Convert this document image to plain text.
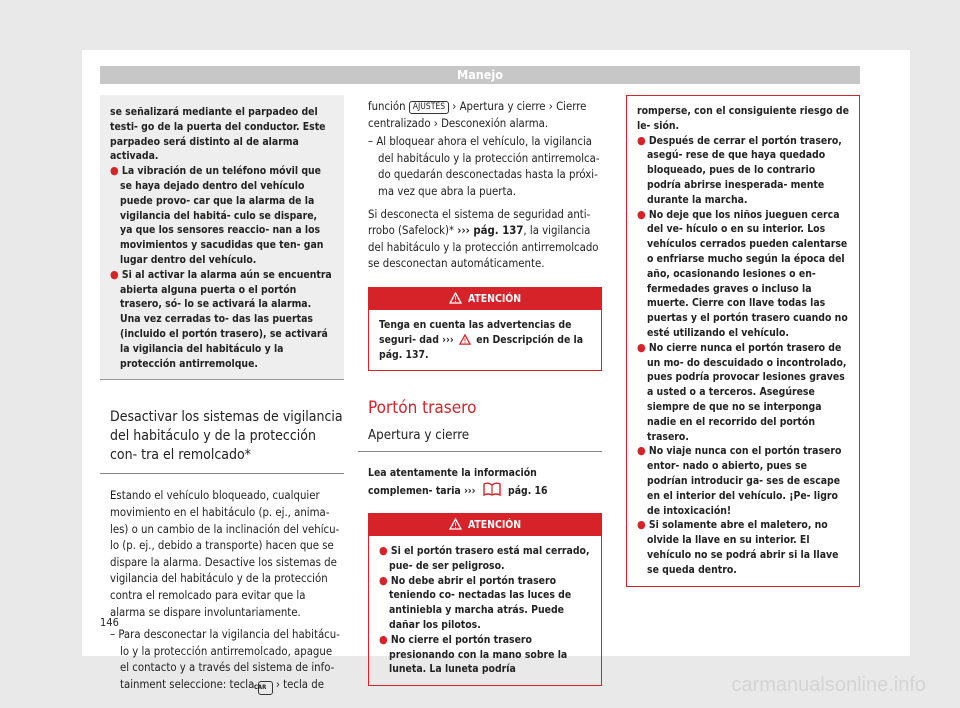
Manejo

se señalizará mediante el parpadeo del testi- go de la puerta del conductor. Este parpadeo será distinto al de alarma activada.

● La vibración de un teléfono móvil que se haya dejado dentro del vehículo puede provo- car que la alarma de la vigilancia del habitá- culo se dispare, ya que los sensores reaccio- nan a los movimientos y sacudidas que ten- gan lugar dentro del vehículo.
● Si al activar la alarma aún se encuentra abierta alguna puerta o el portón trasero, só- lo se activará la alarma. Una vez cerradas to- das las puertas (incluido el portón trasero), se activará la vigilancia del habitáculo y la protección antirremolque.
Desactivar los sistemas de vigilancia del habitáculo y de la protección con- tra el remolcado*

Estando el vehículo bloqueado, cualquier movimiento en el habitáculo (p. ej., anima- les) o un cambio de la inclinación del vehícu- lo (p. ej., debido a transporte) hacen que se dispare la alarma. Desactive los sistemas de vigilancia del habitáculo y de la protección contra el remolcado para evitar que la alarma se dispare involuntariamente.

– Para desconectar la vigilancia del habitácu- lo y la protección antirremolcado, apague el contacto y a través del sistema de info- tainment seleccione: tecla CAR › tecla de

función AJUSTES › Apertura y cierre › Cierre centralizado › Desconexión alarma.

– Al bloquear ahora el vehículo, la vigilancia del habitáculo y la protección antirremolca- do quedarán desconectadas hasta la próxi- ma vez que abra la puerta.

Si desconecta el sistema de seguridad anti- rrobo (Safelock)* ››› pág. 137, la vigilancia del habitáculo y la protección antirremolcado se desconectan automáticamente.

ATENCIÓN
Tenga en cuenta las advertencias de seguri- dad ››› en Descripción de la pág. 137.
Portón trasero
Apertura y cierre

Lea atentamente la información complemen- taria ›››	pág. 16

ATENCIÓN
● Si el portón trasero está mal cerrado, pue- de ser peligroso.
● No debe abrir el portón trasero teniendo co- nectadas las luces de antiniebla y marcha atrás. Puede dañar los pilotos.
● No cierre el portón trasero presionando con la mano sobre la luneta. La luneta podría
romperse, con el consiguiente riesgo de le- sión.
● Después de cerrar el portón trasero, asegú- rese de que haya quedado bloqueado, pues de lo contrario podría abrirse inesperada- mente durante la marcha.
● No deje que los niños jueguen cerca del ve- hículo o en su interior. Los vehículos cerrados pueden calentarse o enfriarse mucho según la época del año, ocasionando lesiones o en- fermedades graves o incluso la muerte. Cierre con llave todas las puertas y el portón trasero cuando no esté utilizando el vehículo.
● No cierre nunca el portón trasero de un mo- do descuidado o incontrolado, pues podría provocar lesiones graves a usted o a terceros. Asegúrese siempre de que no se interponga nadie en el recorrido del portón trasero.
● No viaje nunca con el portón trasero entor- nado o abierto, pues se podrían introducir ga- ses de escape en el interior del vehículo. ¡Pe- ligro de intoxicación!
● Si solamente abre el maletero, no olvide la llave en su interior. El vehículo no se podrá abrir si la llave se queda dentro.
146
carmanualsonline.info
